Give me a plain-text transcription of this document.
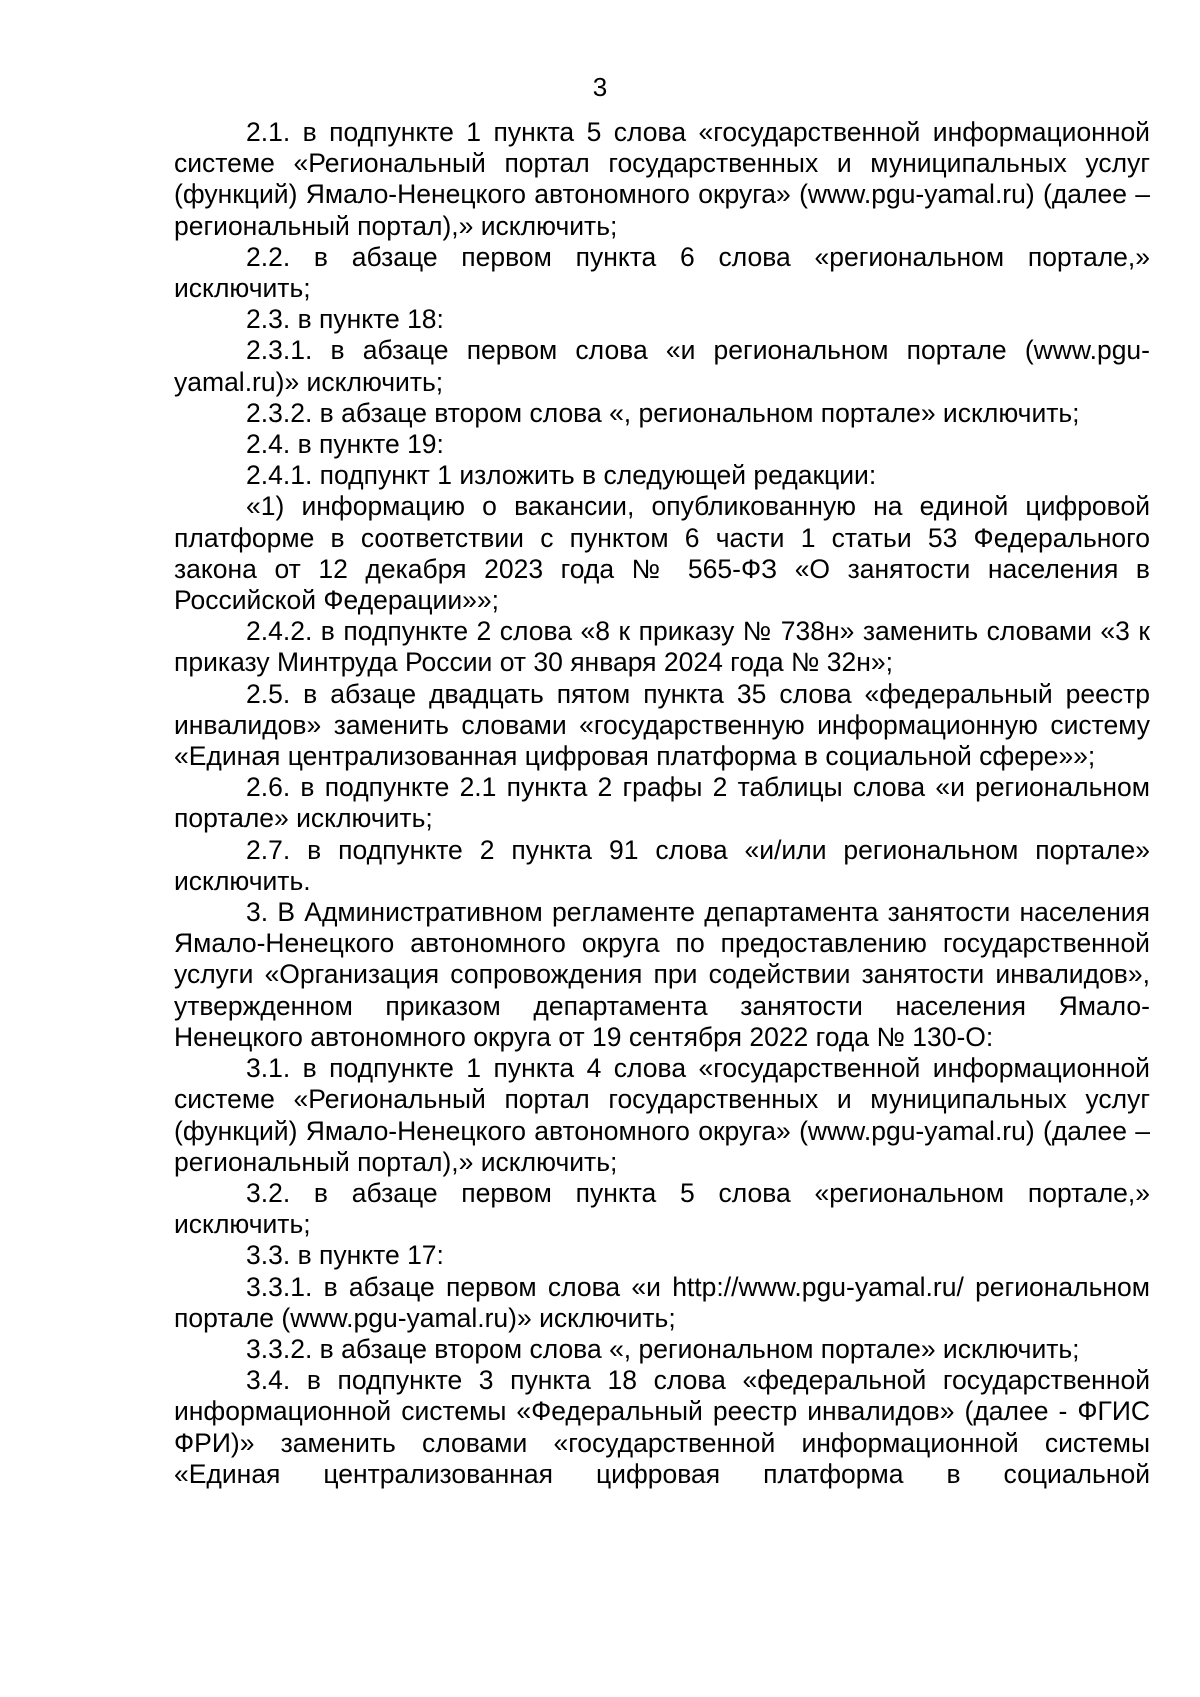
3

2.1. в подпункте 1 пункта 5 слова «государственной информационной системе «Региональный портал государственных и муниципальных услуг (функций) Ямало-Ненецкого автономного округа» (www.pgu-yamal.ru) (далее – региональный портал),» исключить;

2.2. в абзаце первом пункта 6 слова «региональном портале,» исключить;

2.3. в пункте 18:

2.3.1. в абзаце первом слова «и региональном портале (www.pgu-yamal.ru)» исключить;

2.3.2. в абзаце втором слова «, региональном портале» исключить;

2.4. в пункте 19:

2.4.1. подпункт 1 изложить в следующей редакции:

«1) информацию о вакансии, опубликованную на единой цифровой платформе в соответствии с пунктом 6 части 1 статьи 53 Федерального закона от 12 декабря 2023 года № 565-ФЗ «О занятости населения в Российской Федерации»»;

2.4.2. в подпункте 2 слова «8 к приказу № 738н» заменить словами «3 к приказу Минтруда России от 30 января 2024 года № 32н»;

2.5. в абзаце двадцать пятом пункта 35 слова «федеральный реестр инвалидов» заменить словами «государственную информационную систему «Единая централизованная цифровая платформа в социальной сфере»»;

2.6. в подпункте 2.1 пункта 2 графы 2 таблицы слова «и региональном портале» исключить;

2.7. в подпункте 2 пункта 91 слова «и/или региональном портале» исключить.

3. В Административном регламенте департамента занятости населения Ямало-Ненецкого автономного округа по предоставлению государственной услуги «Организация сопровождения при содействии занятости инвалидов», утвержденном приказом департамента занятости населения Ямало-Ненецкого автономного округа от 19 сентября 2022 года № 130-О:

3.1. в подпункте 1 пункта 4 слова «государственной информационной системе «Региональный портал государственных и муниципальных услуг (функций) Ямало-Ненецкого автономного округа» (www.pgu-yamal.ru) (далее – региональный портал),» исключить;

3.2. в абзаце первом пункта 5 слова «региональном портале,» исключить;

3.3. в пункте 17:

3.3.1. в абзаце первом слова «и http://www.pgu-yamal.ru/ региональном портале (www.pgu-yamal.ru)» исключить;

3.3.2. в абзаце втором слова «, региональном портале» исключить;

3.4. в подпункте 3 пункта 18 слова «федеральной государственной информационной системы «Федеральный реестр инвалидов» (далее - ФГИС ФРИ)» заменить словами «государственной информационной системы «Единая централизованная цифровая платформа в социальной
